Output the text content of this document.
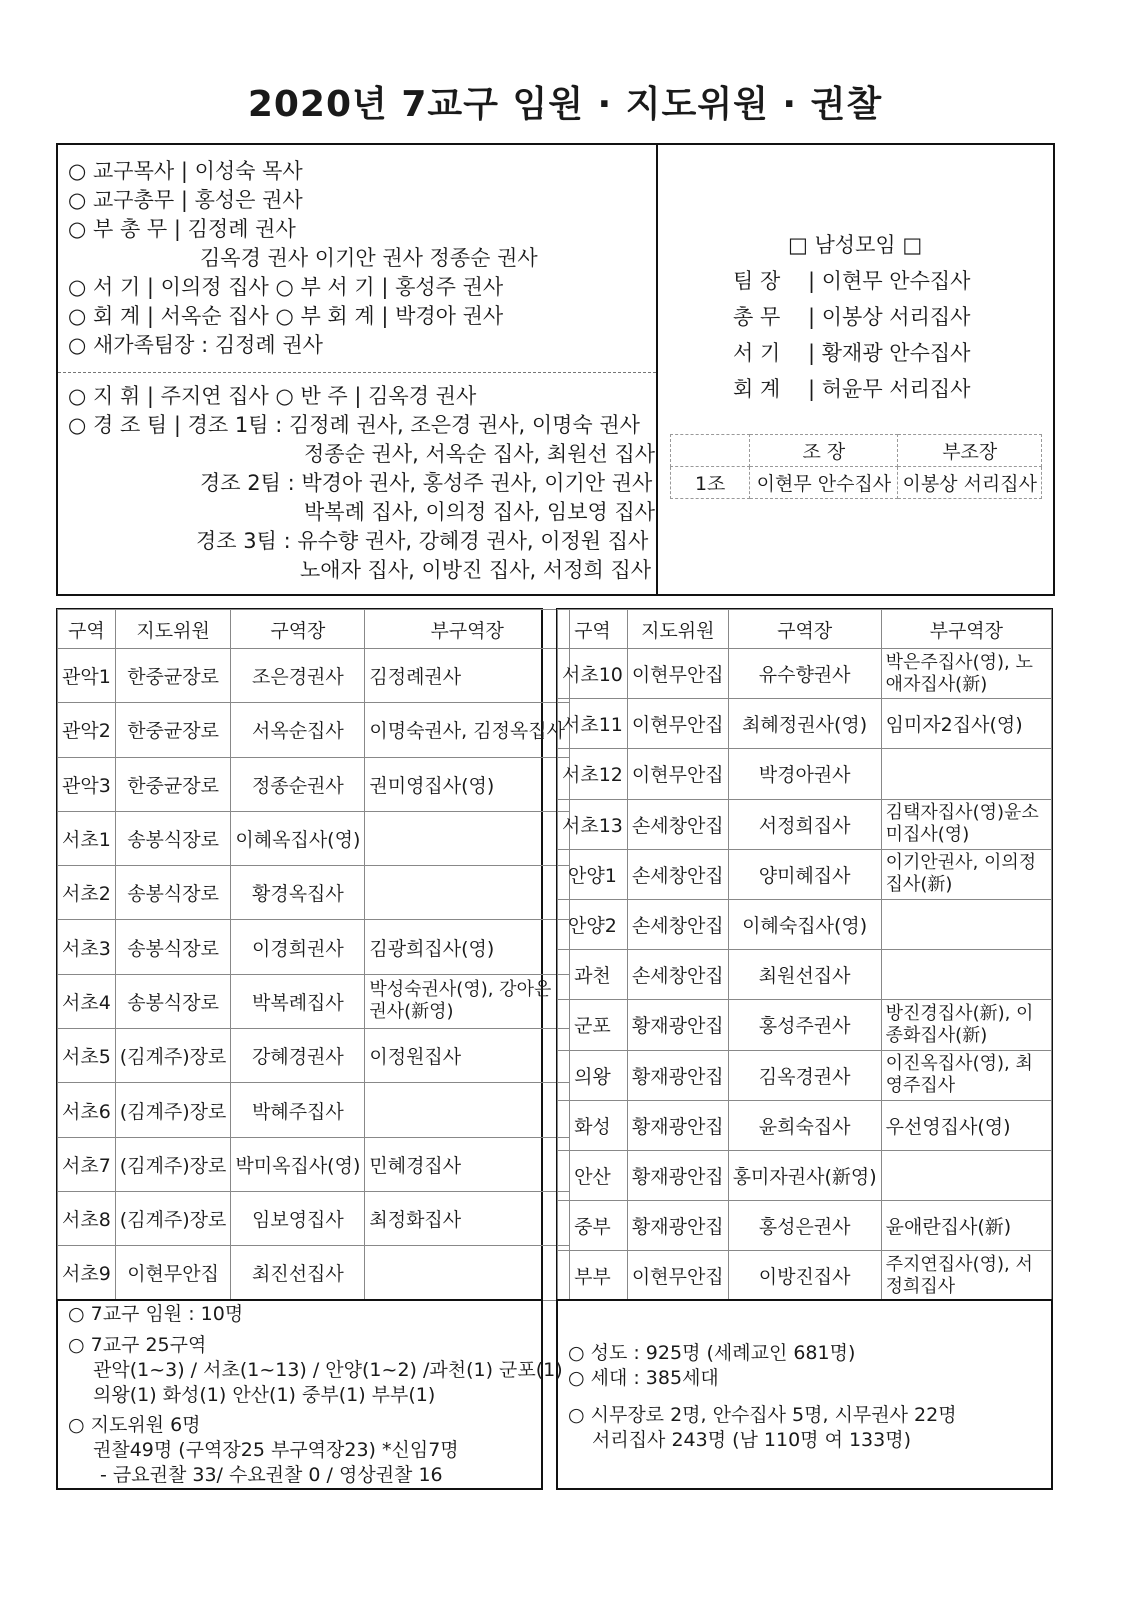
2020년 7교구 임원 · 지도위원 · 권찰
○ 교구목사 | 이성숙 목사
○ 교구총무 | 홍성은 권사
○ 부 총 무 | 김정례 권사
김옥경 권사 이기안 권사 정종순 권사
○ 서 기 | 이의정 집사 ○ 부 서 기 | 홍성주 권사
○ 회 계 | 서옥순 집사 ○ 부 회 계 | 박경아 권사
○ 새가족팀장 : 김정례 권사
○ 지 휘 | 주지연 집사 ○ 반 주 | 김옥경 권사
○ 경 조 팀 | 경조 1팀 : 김정례 권사, 조은경 권사, 이명숙 권사
정종순 권사, 서옥순 집사, 최원선 집사
경조 2팀 : 박경아 권사, 홍성주 권사, 이기안 권사
박복례 집사, 이의정 집사, 임보영 집사
경조 3팀 : 유수향 권사, 강혜경 권사, 이정원 집사
노애자 집사, 이방진 집사, 서정희 집사
□ 남성모임 □
팀 장 | 이현무 안수집사
총 무 | 이봉상 서리집사
서 기 | 황재광 안수집사
회 계 | 허윤무 서리집사
	조 장	부조장
1조	이현무 안수집사	이봉상 서리집사
구역	지도위원	구역장	부구역장
관악1	한중균장로	조은경권사	김정례권사
관악2	한중균장로	서옥순집사	이명숙권사, 김정옥집사
관악3	한중균장로	정종순권사	권미영집사(영)
서초1	송봉식장로	이혜옥집사(영)	
서초2	송봉식장로	황경옥집사	
서초3	송봉식장로	이경희권사	김광희집사(영)
서초4	송봉식장로	박복례집사	박성숙권사(영), 강아은권사(新영)
서초5	(김계주)장로	강혜경권사	이정원집사
서초6	(김계주)장로	박혜주집사	
서초7	(김계주)장로	박미옥집사(영)	민혜경집사
서초8	(김계주)장로	임보영집사	최정화집사
서초9	이현무안집	최진선집사	
구역	지도위원	구역장	부구역장
서초10	이현무안집	유수향권사	박은주집사(영), 노애자집사(新)
서초11	이현무안집	최혜정권사(영)	임미자2집사(영)
서초12	이현무안집	박경아권사	
서초13	손세창안집	서정희집사	김택자집사(영)윤소미집사(영)
안양1	손세창안집	양미혜집사	이기안권사, 이의정집사(新)
안양2	손세창안집	이혜숙집사(영)	
과천	손세창안집	최원선집사	
군포	황재광안집	홍성주권사	방진경집사(新), 이종화집사(新)
의왕	황재광안집	김옥경권사	이진옥집사(영), 최영주집사
화성	황재광안집	윤희숙집사	우선영집사(영)
안산	황재광안집	홍미자권사(新영)	
중부	황재광안집	홍성은권사	윤애란집사(新)
부부	이현무안집	이방진집사	주지연집사(영), 서정희집사
○ 7교구 임원 : 10명
○ 7교구 25구역
관악(1~3) / 서초(1~13) / 안양(1~2) /과천(1) 군포(1)
의왕(1) 화성(1) 안산(1) 중부(1) 부부(1)
○ 지도위원 6명
권찰49명 (구역장25 부구역장23) *신임7명
- 금요권찰 33/ 수요권찰 0 / 영상권찰 16
○ 성도 : 925명 (세례교인 681명)
○ 세대 : 385세대
○ 시무장로 2명, 안수집사 5명, 시무권사 22명
서리집사 243명 (남 110명 여 133명)
